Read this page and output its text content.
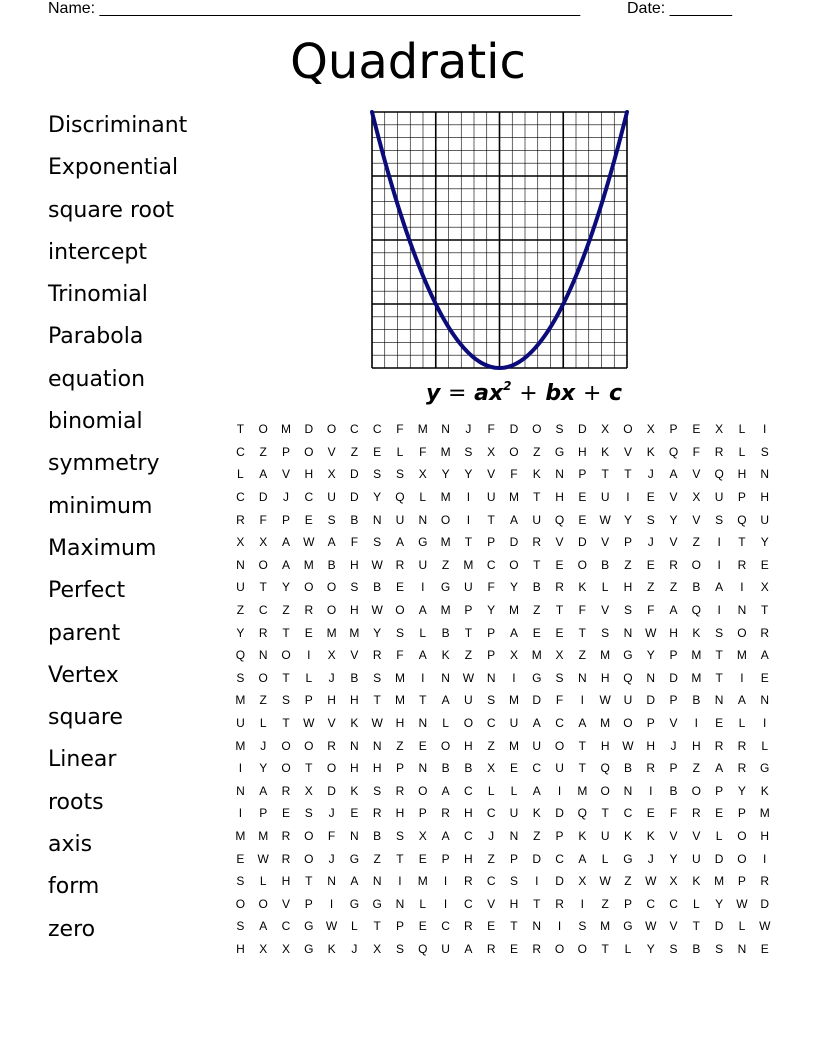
Name: ______________________________________________________	Date: _______
Quadratic
Discriminant
Exponential
square root
intercept
Trinomial
Parabola
equation
binomial
symmetry
minimum
Maximum
Perfect
parent
Vertex
square
Linear
roots
axis
form
zero
$y = ax^2$ + bx + c
T	O	M	D	O	C	C	F	M	N	J	F	D	O	S	D	X	O	X	P	E	X	L	I
C	Z	P	O	V	Z	E	L	F	M	S	X	O	Z	G	H	K	V	K	Q	F	R	L	S
L	A	V	H	X	D	S	S	X	Y	Y	V	F	K	N	P	T	T	J	A	V	Q	H	N
C	D	J	C	U	D	Y	Q	L	M	I	U	M	T	H	E	U	I	E	V	X	U	P	H
R	F	P	E	S	B	N	U	N	O	I	T	A	U	Q	E	W	Y	S	Y	V	S	Q	U
X	X	A	W	A	F	S	A	G	M	T	P	D	R	V	D	V	P	J	V	Z	I	T	Y
N	O	A	M	B	H	W	R	U	Z	M	C	O	T	E	O	B	Z	E	R	O	I	R	E
U	T	Y	O	O	S	B	E	I	G	U	F	Y	B	R	K	L	H	Z	Z	B	A	I	X
Z	C	Z	R	O	H	W	O	A	M	P	Y	M	Z	T	F	V	S	F	A	Q	I	N	T
Y	R	T	E	M	M	Y	S	L	B	T	P	A	E	E	T	S	N	W	H	K	S	O	R
Q	N	O	I	X	V	R	F	A	K	Z	P	X	M	X	Z	M	G	Y	P	M	T	M	A
S	O	T	L	J	B	S	M	I	N	W	N	I	G	S	N	H	Q	N	D	M	T	I	E
M	Z	S	P	H	H	T	M	T	A	U	S	M	D	F	I	W	U	D	P	B	N	A	N
U	L	T	W	V	K	W	H	N	L	O	C	U	A	C	A	M	O	P	V	I	E	L	I
M	J	O	O	R	N	N	Z	E	O	H	Z	M	U	O	T	H	W	H	J	H	R	R	L
I	Y	O	T	O	H	H	P	N	B	B	X	E	C	U	T	Q	B	R	P	Z	A	R	G
N	A	R	X	D	K	S	R	O	A	C	L	L	A	I	M	O	N	I	B	O	P	Y	K
I	P	E	S	J	E	R	H	P	R	H	C	U	K	D	Q	T	C	E	F	R	E	P	M
M	M	R	O	F	N	B	S	X	A	C	J	N	Z	P	K	U	K	K	V	V	L	O	H
E	W	R	O	J	G	Z	T	E	P	H	Z	P	D	C	A	L	G	J	Y	U	D	O	I
S	L	H	T	N	A	N	I	M	I	R	C	S	I	D	X	W	Z	W	X	K	M	P	R
O	O	V	P	I	G	G	N	L	I	C	V	H	T	R	I	Z	P	C	C	L	Y	W	D
S	A	C	G	W	L	T	P	E	C	R	E	T	N	I	S	M	G	W	V	T	D	L	W
H	X	X	G	K	J	X	S	Q	U	A	R	E	R	O	O	T	L	Y	S	B	S	N	E
